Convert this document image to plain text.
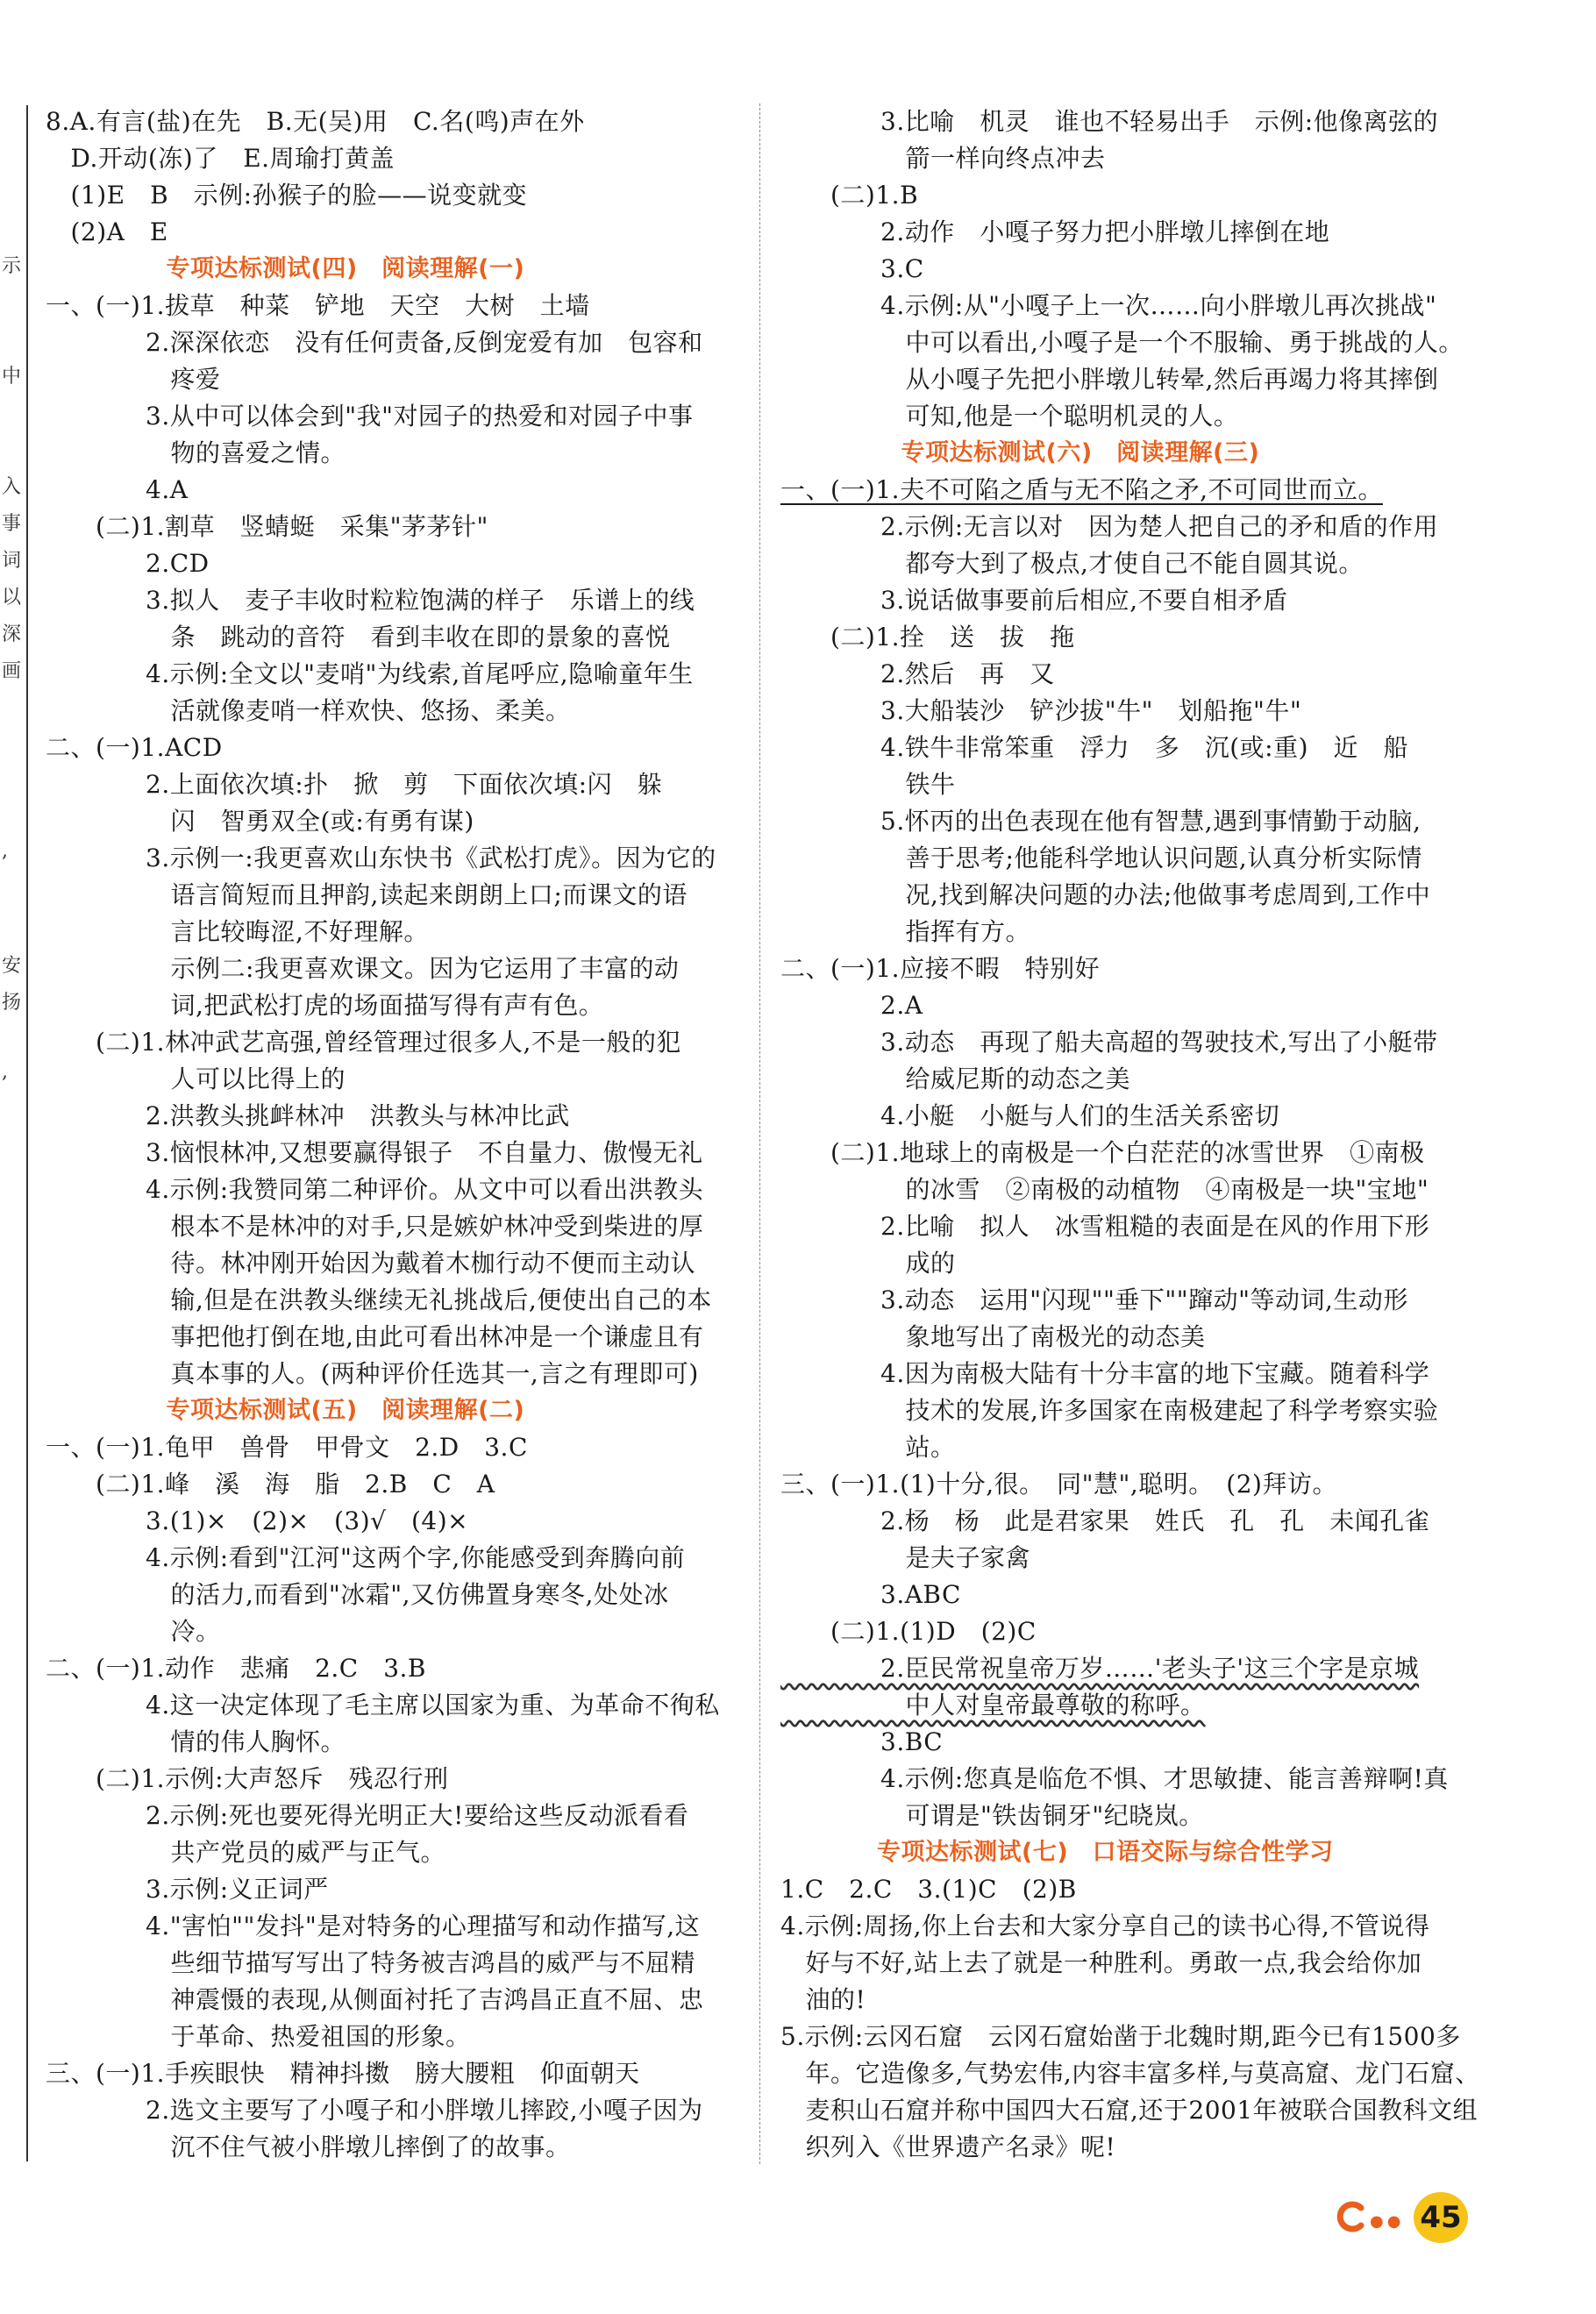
示
中
入
事
词
以
深
画
,
安
扬
,
8.A.有言(盐)在先　B.无(吴)用　C.名(鸣)声在外
　D.开动(冻)了　E.周瑜打黄盖
　(1)E　B　示例:孙猴子的脸——说变就变
　(2)A　E
　　　　　专项达标测试(四)　阅读理解(一)
一、(一)1.拔草　种菜　铲地　天空　大树　土墙
　　　　2.深深依恋　没有任何责备,反倒宠爱有加　包容和
　　　　　疼爱
　　　　3.从中可以体会到"我"对园子的热爱和对园子中事
　　　　　物的喜爱之情。
　　　　4.A
　　(二)1.割草　竖蜻蜓　采集"茅茅针"
　　　　2.CD
　　　　3.拟人　麦子丰收时粒粒饱满的样子　乐谱上的线
　　　　　条　跳动的音符　看到丰收在即的景象的喜悦
　　　　4.示例:全文以"麦哨"为线索,首尾呼应,隐喻童年生
　　　　　活就像麦哨一样欢快、悠扬、柔美。
二、(一)1.ACD
　　　　2.上面依次填:扑　掀　剪　下面依次填:闪　躲
　　　　　闪　智勇双全(或:有勇有谋)
　　　　3.示例一:我更喜欢山东快书《武松打虎》。因为它的
　　　　　语言简短而且押韵,读起来朗朗上口;而课文的语
　　　　　言比较晦涩,不好理解。
　　　　　示例二:我更喜欢课文。因为它运用了丰富的动
　　　　　词,把武松打虎的场面描写得有声有色。
　　(二)1.林冲武艺高强,曾经管理过很多人,不是一般的犯
　　　　　人可以比得上的
　　　　2.洪教头挑衅林冲　洪教头与林冲比武
　　　　3.恼恨林冲,又想要赢得银子　不自量力、傲慢无礼
　　　　4.示例:我赞同第二种评价。从文中可以看出洪教头
　　　　　根本不是林冲的对手,只是嫉妒林冲受到柴进的厚
　　　　　待。林冲刚开始因为戴着木枷行动不便而主动认
　　　　　输,但是在洪教头继续无礼挑战后,便使出自己的本
　　　　　事把他打倒在地,由此可看出林冲是一个谦虚且有
　　　　　真本事的人。(两种评价任选其一,言之有理即可)
　　　　　专项达标测试(五)　阅读理解(二)
一、(一)1.龟甲　兽骨　甲骨文　2.D　3.C
　　(二)1.峰　溪　海　脂　2.B　C　A
　　　　3.(1)×　(2)×　(3)√　(4)×
　　　　4.示例:看到"江河"这两个字,你能感受到奔腾向前
　　　　　的活力,而看到"冰霜",又仿佛置身寒冬,处处冰
　　　　　冷。
二、(一)1.动作　悲痛　2.C　3.B
　　　　4.这一决定体现了毛主席以国家为重、为革命不徇私
　　　　　情的伟人胸怀。
　　(二)1.示例:大声怒斥　残忍行刑
　　　　2.示例:死也要死得光明正大!要给这些反动派看看
　　　　　共产党员的威严与正气。
　　　　3.示例:义正词严
　　　　4."害怕""发抖"是对特务的心理描写和动作描写,这
　　　　　些细节描写写出了特务被吉鸿昌的威严与不屈精
　　　　　神震慑的表现,从侧面衬托了吉鸿昌正直不屈、忠
　　　　　于革命、热爱祖国的形象。
三、(一)1.手疾眼快　精神抖擞　膀大腰粗　仰面朝天
　　　　2.选文主要写了小嘎子和小胖墩儿摔跤,小嘎子因为
　　　　　沉不住气被小胖墩儿摔倒了的故事。
　　　　3.比喻　机灵　谁也不轻易出手　示例:他像离弦的
　　　　　箭一样向终点冲去
　　(二)1.B
　　　　2.动作　小嘎子努力把小胖墩儿摔倒在地
　　　　3.C
　　　　4.示例:从"小嘎子上一次……向小胖墩儿再次挑战"
　　　　　中可以看出,小嘎子是一个不服输、勇于挑战的人。
　　　　　从小嘎子先把小胖墩儿转晕,然后再竭力将其摔倒
　　　　　可知,他是一个聪明机灵的人。
　　　　　专项达标测试(六)　阅读理解(三)
一、(一)1.夫不可陷之盾与无不陷之矛,不可同世而立。
　　　　2.示例:无言以对　因为楚人把自己的矛和盾的作用
　　　　　都夸大到了极点,才使自己不能自圆其说。
　　　　3.说话做事要前后相应,不要自相矛盾
　　(二)1.拴　送　拔　拖
　　　　2.然后　再　又
　　　　3.大船装沙　铲沙拔"牛"　划船拖"牛"
　　　　4.铁牛非常笨重　浮力　多　沉(或:重)　近　船
　　　　　铁牛
　　　　5.怀丙的出色表现在他有智慧,遇到事情勤于动脑,
　　　　　善于思考;他能科学地认识问题,认真分析实际情
　　　　　况,找到解决问题的办法;他做事考虑周到,工作中
　　　　　指挥有方。
二、(一)1.应接不暇　特别好
　　　　2.A
　　　　3.动态　再现了船夫高超的驾驶技术,写出了小艇带
　　　　　给威尼斯的动态之美
　　　　4.小艇　小艇与人们的生活关系密切
　　(二)1.地球上的南极是一个白茫茫的冰雪世界　①南极
　　　　　的冰雪　②南极的动植物　④南极是一块"宝地"
　　　　2.比喻　拟人　冰雪粗糙的表面是在风的作用下形
　　　　　成的
　　　　3.动态　运用"闪现""垂下""蹿动"等动词,生动形
　　　　　象地写出了南极光的动态美
　　　　4.因为南极大陆有十分丰富的地下宝藏。随着科学
　　　　　技术的发展,许多国家在南极建起了科学考察实验
　　　　　站。
三、(一)1.(1)十分,很。　同"慧",聪明。　(2)拜访。
　　　　2.杨　杨　此是君家果　姓氏　孔　孔　未闻孔雀
　　　　　是夫子家禽
　　　　3.ABC
　　(二)1.(1)D　(2)C
　　　　2.臣民常祝皇帝万岁……'老头子'这三个字是京城
　　　　　中人对皇帝最尊敬的称呼。
　　　　3.BC
　　　　4.示例:您真是临危不惧、才思敏捷、能言善辩啊!真
　　　　　可谓是"铁齿铜牙"纪晓岚。
　　　　专项达标测试(七)　口语交际与综合性学习
1.C　2.C　3.(1)C　(2)B
4.示例:周扬,你上台去和大家分享自己的读书心得,不管说得
　好与不好,站上去了就是一种胜利。勇敢一点,我会给你加
　油的!
5.示例:云冈石窟　云冈石窟始凿于北魏时期,距今已有1500多
　年。它造像多,气势宏伟,内容丰富多样,与莫高窟、龙门石窟、
　麦积山石窟并称中国四大石窟,还于2001年被联合国教科文组
　织列入《世界遗产名录》呢!
●● 45
